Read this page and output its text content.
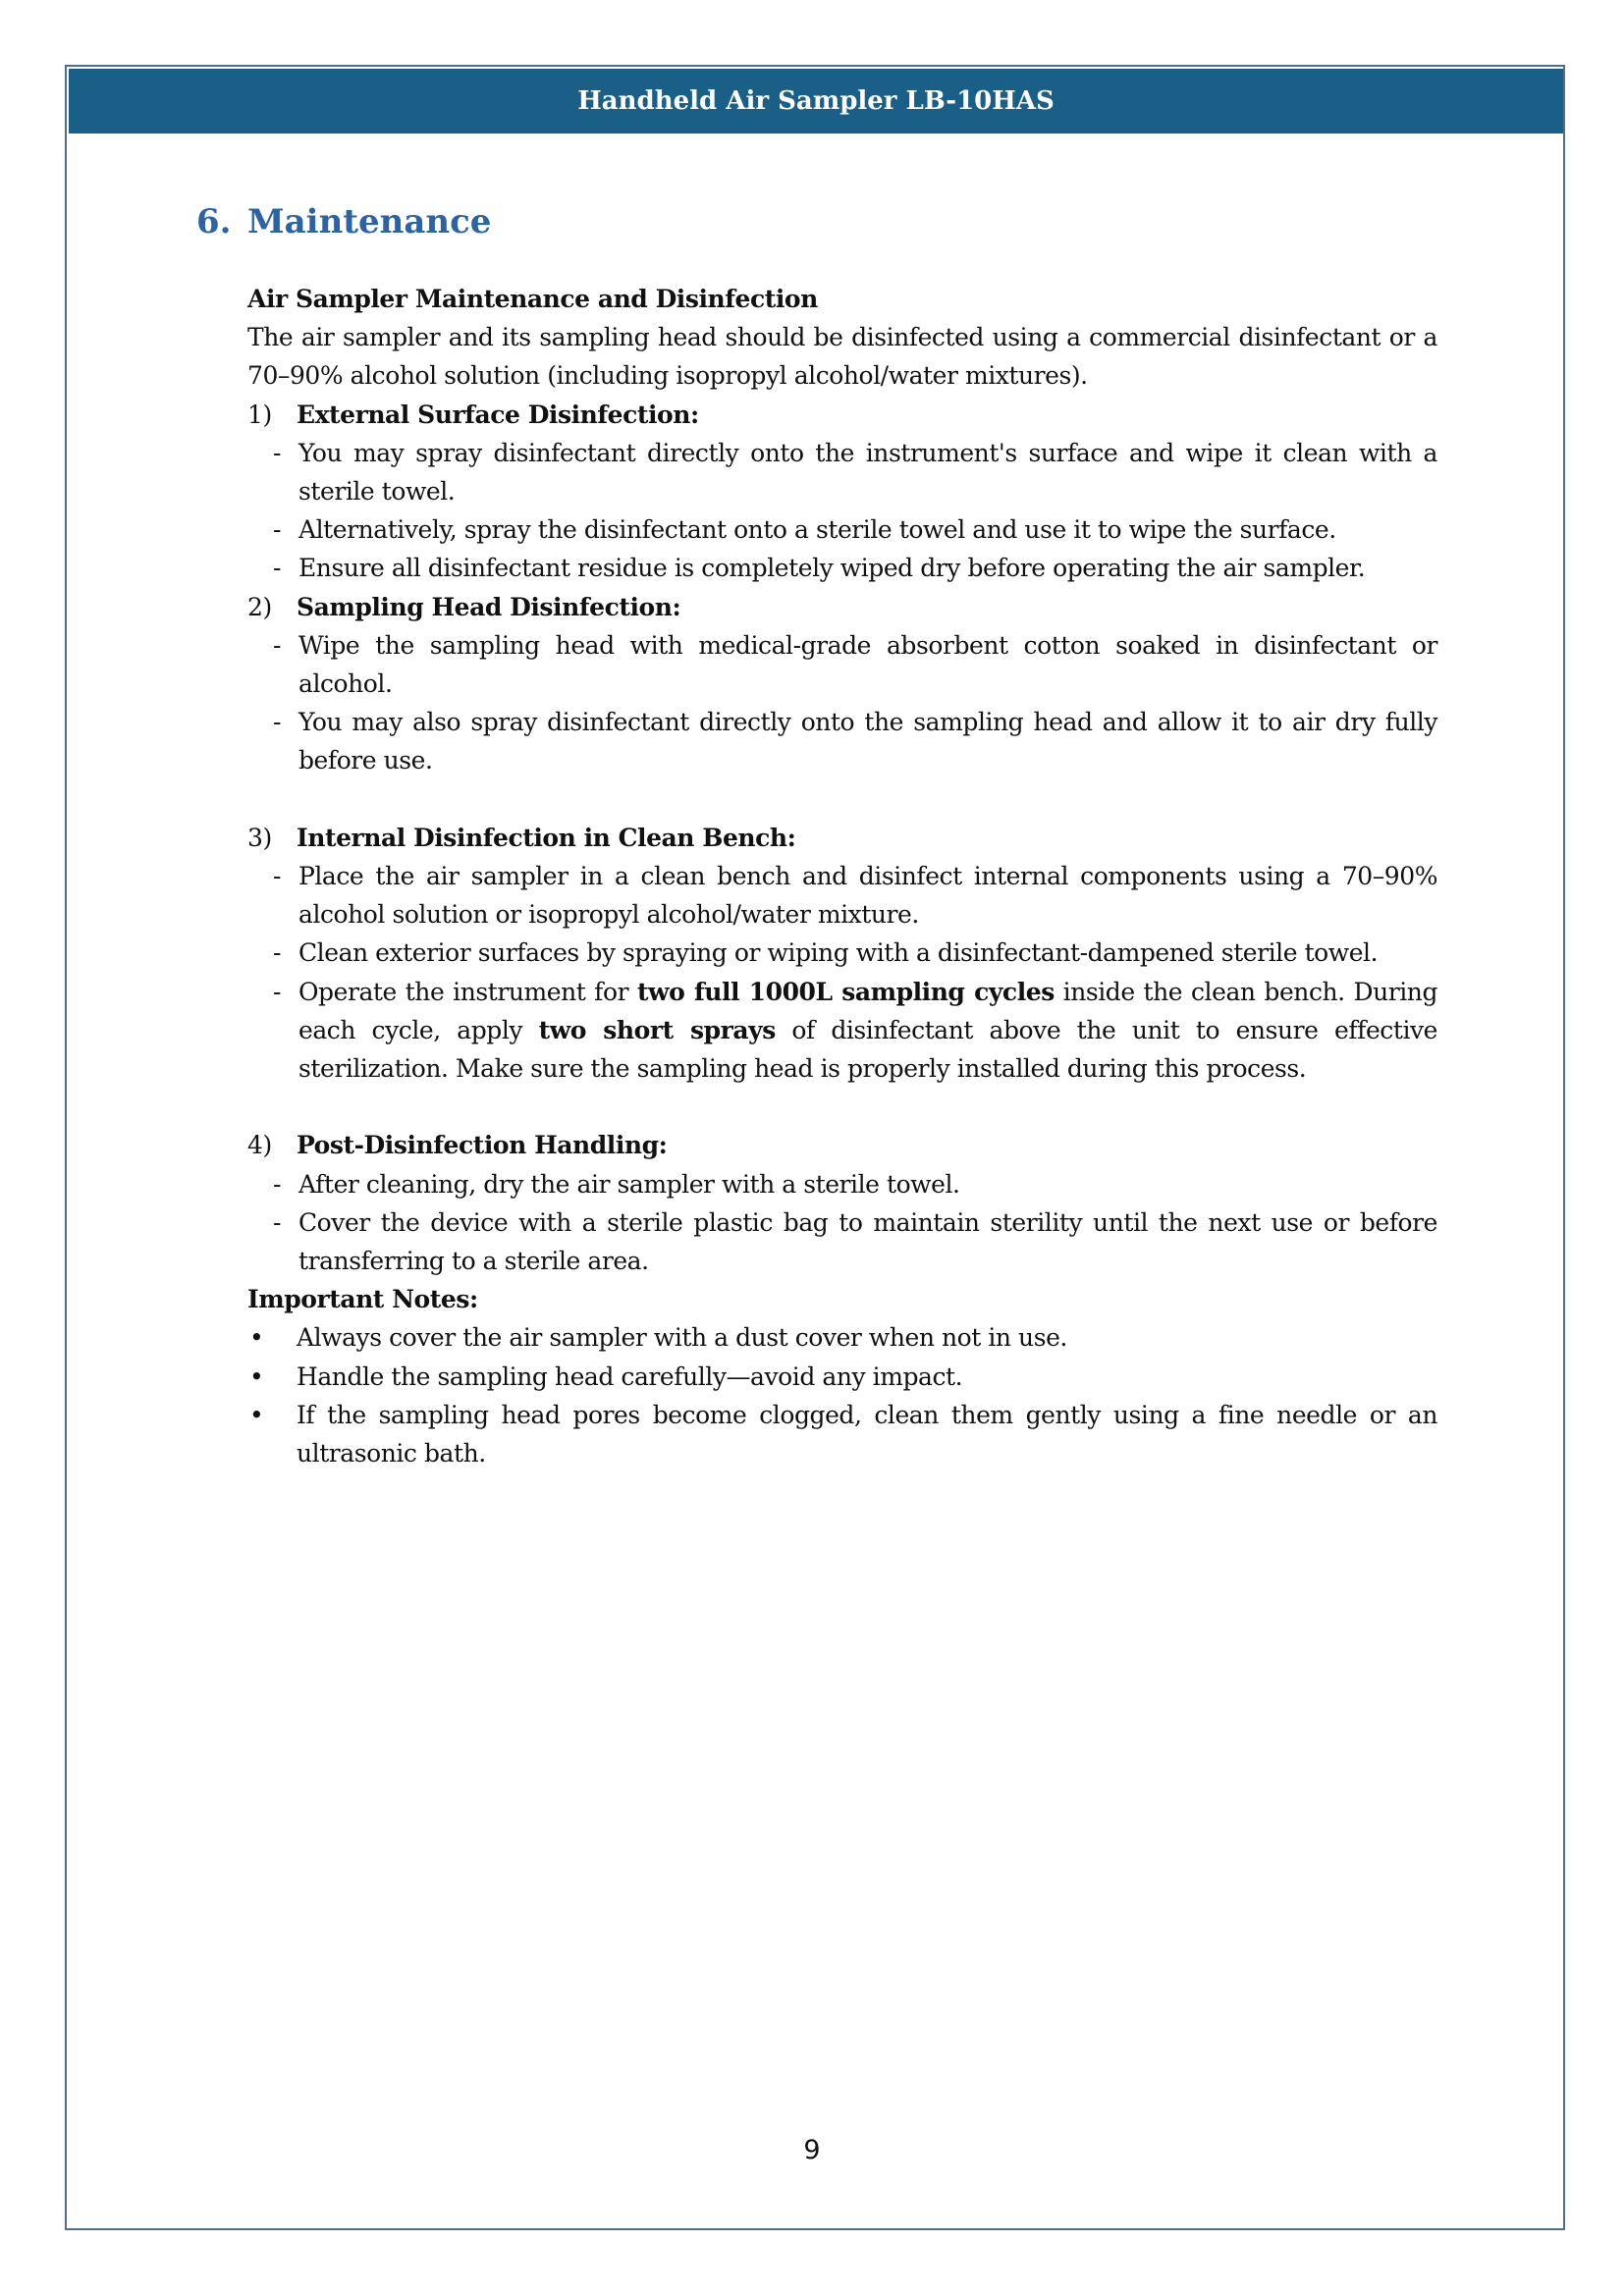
Handheld Air Sampler LB-10HAS
6. Maintenance

Air Sampler Maintenance and Disinfection

The air sampler and its sampling head should be disinfected using a commercial disinfectant or a 70–90% alcohol solution (including isopropyl alcohol/water mixtures).

1)	External Surface Disinfection:

- You may spray disinfectant directly onto the instrument's surface and wipe it clean with a sterile towel.
- Alternatively, spray the disinfectant onto a sterile towel and use it to wipe the surface.
- Ensure all disinfectant residue is completely wiped dry before operating the air sampler.

2)	Sampling Head Disinfection:

- Wipe the sampling head with medical-grade absorbent cotton soaked in disinfectant or alcohol.
- You may also spray disinfectant directly onto the sampling head and allow it to air dry fully before use.

3)	Internal Disinfection in Clean Bench:

- Place the air sampler in a clean bench and disinfect internal components using a 70–90% alcohol solution or isopropyl alcohol/water mixture.
- Clean exterior surfaces by spraying or wiping with a disinfectant-dampened sterile towel.
- Operate the instrument for two full 1000L sampling cycles inside the clean bench. During each cycle, apply two short sprays of disinfectant above the unit to ensure effective sterilization. Make sure the sampling head is properly installed during this process.

4)	Post-Disinfection Handling:

- After cleaning, dry the air sampler with a sterile towel.
- Cover the device with a sterile plastic bag to maintain sterility until the next use or before transferring to a sterile area.

Important Notes:

•	Always cover the air sampler with a dust cover when not in use.
•	Handle the sampling head carefully—avoid any impact.
•	If the sampling head pores become clogged, clean them gently using a fine needle or an ultrasonic bath.
9
